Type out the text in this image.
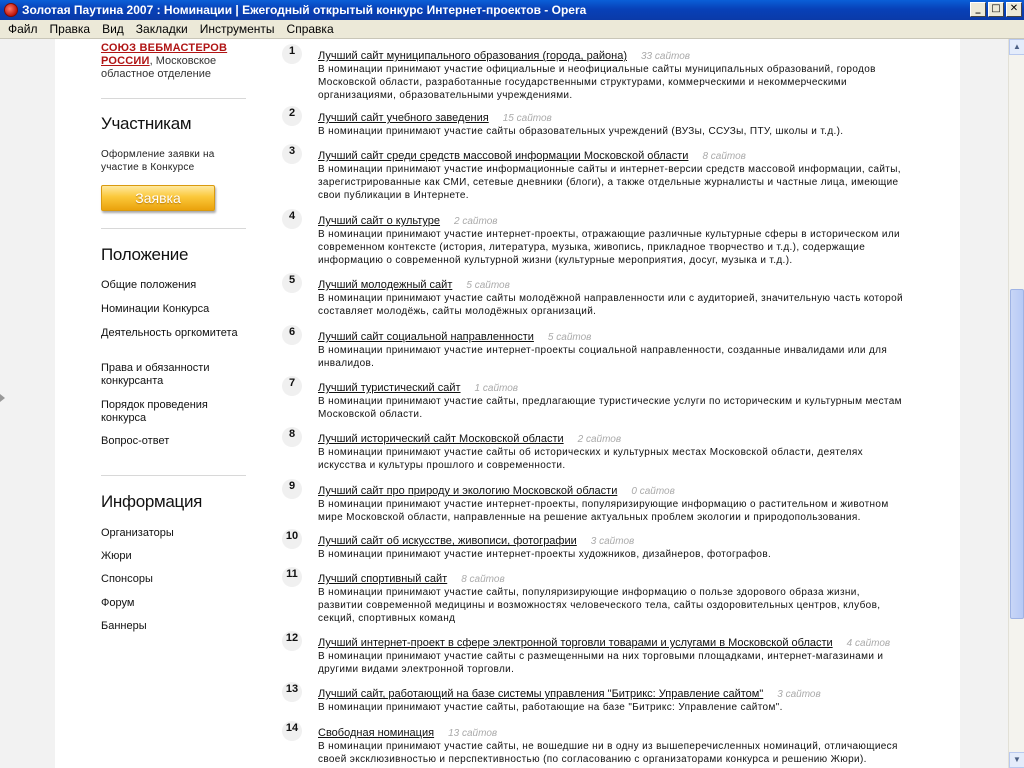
Золотая Паутина 2007 : Номинации | Ежегодный открытый конкурс Интернет-проектов - Opera	_	□ ✕
Файл	Правка	Вид	Закладки	Инструменты	Справка
СОЮЗ ВЕБМАСТЕРОВ РОССИИ, Московское областное отделение
Участникам
Оформление заявки на участие в Конкурсе
Заявка
Положение
Общие положения
Номинации Конкурса
Деятельность оргкомитета
Права и обязанности конкурсанта
Порядок проведения конкурса
Вопрос-ответ
Информация
Организаторы
Жюри
Спонсоры
Форум
Баннеры
1	Лучший сайт муниципального образования (города, района) 33 сайтов
В номинации принимают участие официальные и неофициальные сайты муниципальных образований, городов Московской области, разработанные государственными структурами, коммерческими и некоммерческими организациями, образовательными учреждениями.
2	Лучший сайт учебного заведения 15 сайтов
В номинации принимают участие сайты образовательных учреждений (ВУЗы, ССУЗы, ПТУ, школы и т.д.).
3	Лучший сайт среди средств массовой информации Московской области 8 сайтов
В номинации принимают участие информационные сайты и интернет-версии средств массовой информации, сайты, зарегистрированные как СМИ, сетевые дневники (блоги), а также отдельные журналисты и частные лица, имеющие свои публикации в Интернете.
4	Лучший сайт о культуре 2 сайтов
В номинации принимают участие интернет-проекты, отражающие различные культурные сферы в историческом или современном контексте (история, литература, музыка, живопись, прикладное творчество и т.д.), содержащие информацию о современной культурной жизни (культурные мероприятия, досуг, музыка и т.д.).
5	Лучший молодежный сайт 5 сайтов
В номинации принимают участие сайты молодёжной направленности или с аудиторией, значительную часть которой составляет молодёжь, сайты молодёжных организаций.
6	Лучший сайт социальной направленности 5 сайтов
В номинации принимают участие интернет-проекты социальной направленности, созданные инвалидами или для инвалидов.
7	Лучший туристический сайт 1 сайтов
В номинации принимают участие сайты, предлагающие туристические услуги по историческим и культурным местам Московской области.
8	Лучший исторический сайт Московской области 2 сайтов
В номинации принимают участие сайты об исторических и культурных местах Московской области, деятелях искусства и культуры прошлого и современности.
9	Лучший сайт про природу и экологию Московской области 0 сайтов
В номинации принимают участие интернет-проекты, популяризирующие информацию о растительном и животном мире Московской области, направленные на решение актуальных проблем экологии и природопользования.
10	Лучший сайт об искусстве, живописи, фотографии 3 сайтов
В номинации принимают участие интернет-проекты художников, дизайнеров, фотографов.
11	Лучший спортивный сайт 8 сайтов
В номинации принимают участие сайты, популяризирующие информацию о пользе здорового образа жизни, развитии современной медицины и возможностях человеческого тела, сайты оздоровительных центров, клубов, секций, спортивных команд
12	Лучший интернет-проект в сфере электронной торговли товарами и услугами в Московской области 4 сайтов
В номинации принимают участие сайты с размещенными на них торговыми площадками, интернет-магазинами и другими видами электронной торговли.
13	Лучший сайт, работающий на базе системы управления "Битрикс: Управление сайтом" 3 сайтов
В номинации принимают участие сайты, работающие на базе "Битрикс: Управление сайтом".
14	Свободная номинация 13 сайтов
В номинации принимают участие сайты, не вошедшие ни в одну из вышеперечисленных номинаций, отличающиеся своей эксклюзивностью и перспективностью (по согласованию с организаторами конкурса и решению Жюри).
▲
▼
